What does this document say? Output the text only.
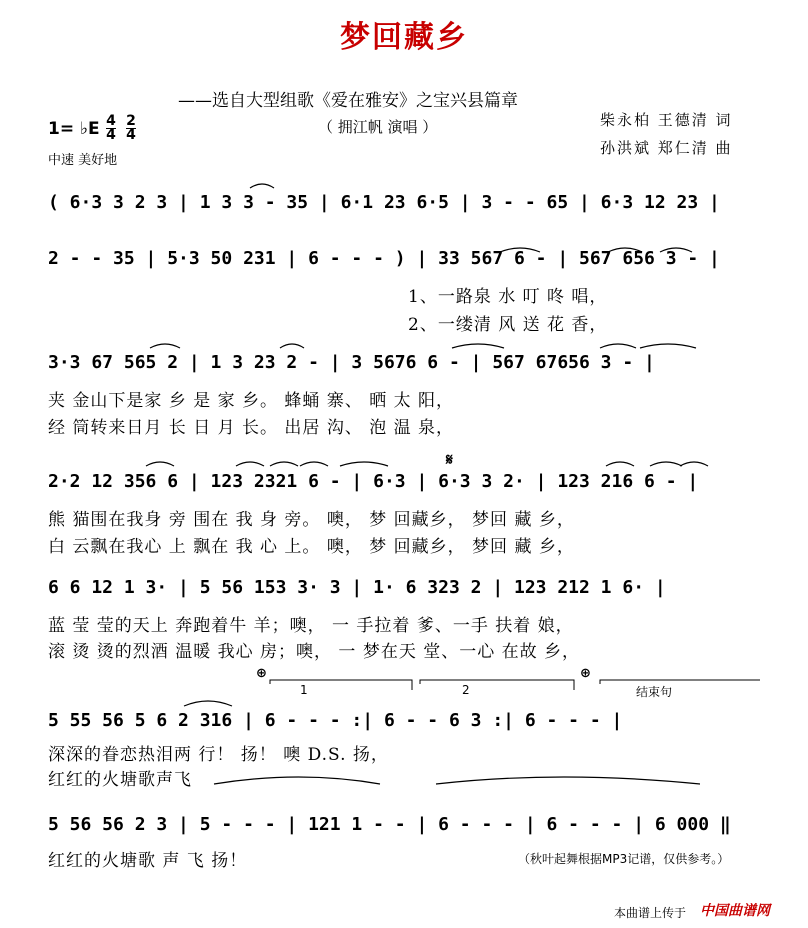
梦回藏乡
——选自大型组歌《爱在雅安》之宝兴县篇章
（ 拥江帆 演唱 ）	柴永柏 王德清 词
孙洪斌 郑仁清 曲
1= ♭E 4
4
2
4
中速 美好地
( 6·3 3 2 3 | 1 3 3 - 35 | 6·1 23 6·5 | 3 - - 65 | 6·3 12 23 |
2 - - 35 | 5·3 50 231 | 6 - - - ) | 33 567 6 - | 567 656 3 - |
1、一路泉 水 叮 咚 唱，
2、一缕清 风 送 花 香，
3·3 67 565 2 | 1 3 23 2 - | 3 5676 6 - | 567 67656 3 - |
夹 金山下是家 乡 是 家 乡。 蜂蛹 寨、 晒 太 阳，
经 筒转来日月 长 日 月 长。 出居 沟、 泡 温 泉，
𝄋
2·2 12 356 6 | 123 2321 6 - | 6·3 | 6·3 3 2· | 123 216 6 - |
熊 猫围在我身 旁 围在 我 身 旁。 噢， 梦 回藏乡， 梦回 藏 乡，
白 云飘在我心 上 飘在 我 心 上。 噢， 梦 回藏乡， 梦回 藏 乡，
6 6 12 1 3· | 5 56 153 3· 3 | 1· 6 323 2 | 123 212 1 6· |
蓝 莹 莹的天上 奔跑着牛 羊；噢， 一 手拉着 爹、一手 扶着 娘，
滚 烫 烫的烈酒 温暖 我心 房；噢， 一 梦在天 堂、一心 在故 乡，
⊕	⊕
1	2	结束句
5 55 56 5 6 2 316 | 6 - - - :| 6 - - 6 3 :| 6 - - - |
深深的眷恋热泪两 行！ 扬！ 噢 D.S. 扬，
红红的火塘歌声飞
5 56 56 2 3 | 5 - - - | 121 1 - - | 6 - - - | 6 - - - | 6 000 ‖
红红的火塘歌 声 飞 扬！	（秋叶起舞根据MP3记谱，仅供参考。）
本曲谱上传于 中国曲谱网
